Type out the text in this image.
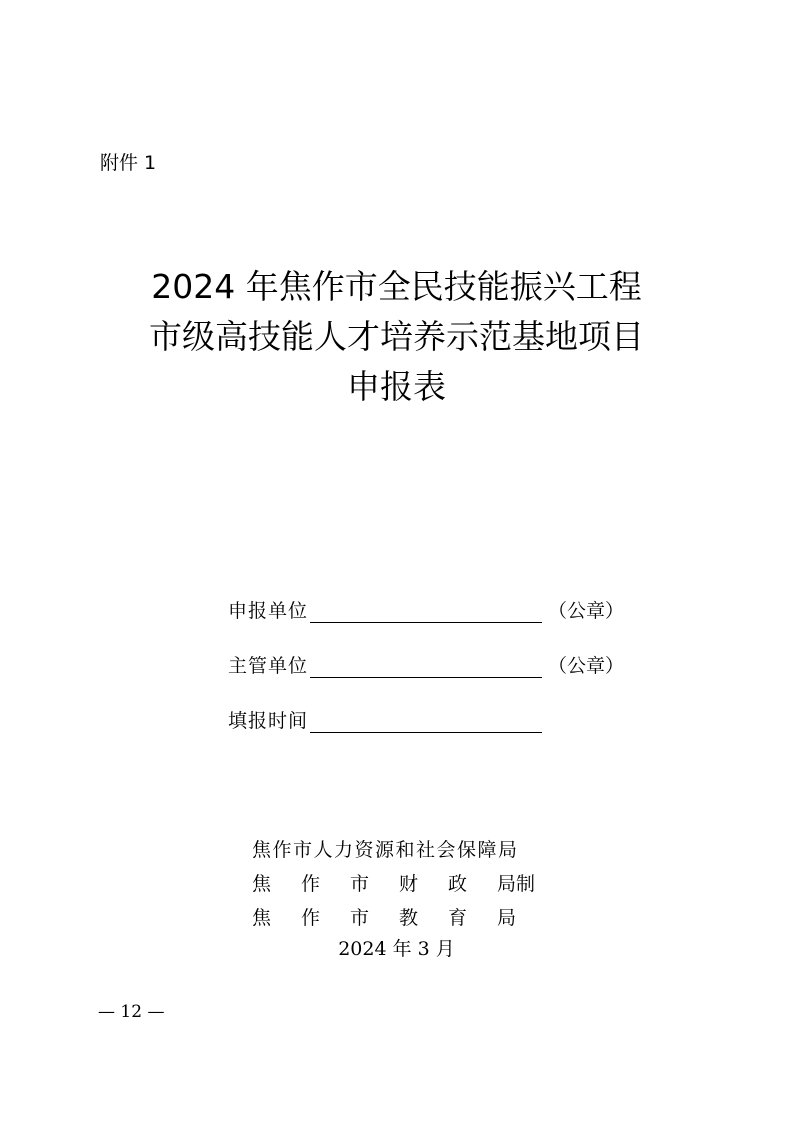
附件 1
2024 年焦作市全民技能振兴工程
市级高技能人才培养示范基地项目
申报表
申报单位	（公章）
主管单位	（公章）
填报时间
焦作市人力资源和社会保障局
焦	作	市	财	政	局制
焦	作	市	教	育	局
2024 年 3 月
— 12 —
